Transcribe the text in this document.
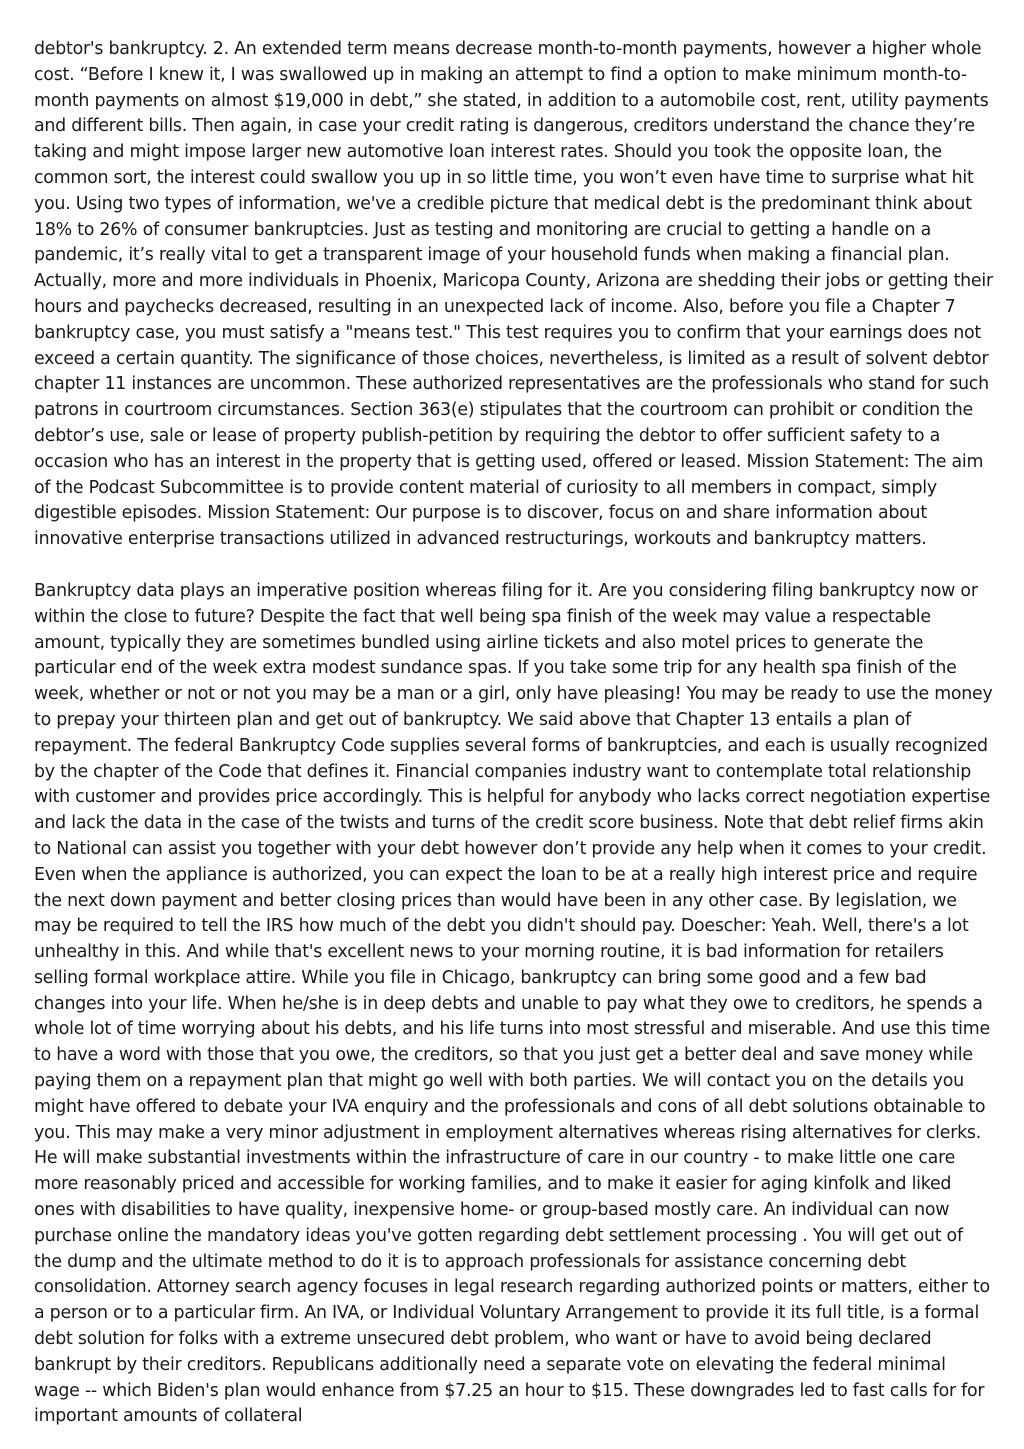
debtor's bankruptcy. 2. An extended term means decrease month-to-month payments, however a higher whole cost. “Before I knew it, I was swallowed up in making an attempt to find a option to make minimum month-to-month payments on almost $19,000 in debt,” she stated, in addition to a automobile cost, rent, utility payments and different bills. Then again, in case your credit rating is dangerous, creditors understand the chance they’re taking and might impose larger new automotive loan interest rates. Should you took the opposite loan, the common sort, the interest could swallow you up in so little time, you won’t even have time to surprise what hit you. Using two types of information, we've a credible picture that medical debt is the predominant think about 18% to 26% of consumer bankruptcies. Just as testing and monitoring are crucial to getting a handle on a pandemic, it’s really vital to get a transparent image of your household funds when making a financial plan. Actually, more and more individuals in Phoenix, Maricopa County, Arizona are shedding their jobs or getting their hours and paychecks decreased, resulting in an unexpected lack of income. Also, before you file a Chapter 7 bankruptcy case, you must satisfy a "means test." This test requires you to confirm that your earnings does not exceed a certain quantity. The significance of those choices, nevertheless, is limited as a result of solvent debtor chapter 11 instances are uncommon. These authorized representatives are the professionals who stand for such patrons in courtroom circumstances. Section 363(e) stipulates that the courtroom can prohibit or condition the debtor’s use, sale or lease of property publish-petition by requiring the debtor to offer sufficient safety to a occasion who has an interest in the property that is getting used, offered or leased. Mission Statement: The aim of the Podcast Subcommittee is to provide content material of curiosity to all members in compact, simply digestible episodes. Mission Statement: Our purpose is to discover, focus on and share information about innovative enterprise transactions utilized in advanced restructurings, workouts and bankruptcy matters.

Bankruptcy data plays an imperative position whereas filing for it. Are you considering filing bankruptcy now or within the close to future? Despite the fact that well being spa finish of the week may value a respectable amount, typically they are sometimes bundled using airline tickets and also motel prices to generate the particular end of the week extra modest sundance spas. If you take some trip for any health spa finish of the week, whether or not or not you may be a man or a girl, only have pleasing! You may be ready to use the money to prepay your thirteen plan and get out of bankruptcy. We said above that Chapter 13 entails a plan of repayment. The federal Bankruptcy Code supplies several forms of bankruptcies, and each is usually recognized by the chapter of the Code that defines it. Financial companies industry want to contemplate total relationship with customer and provides price accordingly. This is helpful for anybody who lacks correct negotiation expertise and lack the data in the case of the twists and turns of the credit score business. Note that debt relief firms akin to National can assist you together with your debt however don’t provide any help when it comes to your credit. Even when the appliance is authorized, you can expect the loan to be at a really high interest price and require the next down payment and better closing prices than would have been in any other case. By legislation, we may be required to tell the IRS how much of the debt you didn't should pay. Doescher: Yeah. Well, there's a lot unhealthy in this. And while that's excellent news to your morning routine, it is bad information for retailers selling formal workplace attire. While you file in Chicago, bankruptcy can bring some good and a few bad changes into your life. When he/she is in deep debts and unable to pay what they owe to creditors, he spends a whole lot of time worrying about his debts, and his life turns into most stressful and miserable. And use this time to have a word with those that you owe, the creditors, so that you just get a better deal and save money while paying them on a repayment plan that might go well with both parties. We will contact you on the details you might have offered to debate your IVA enquiry and the professionals and cons of all debt solutions obtainable to you. This may make a very minor adjustment in employment alternatives whereas rising alternatives for clerks. He will make substantial investments within the infrastructure of care in our country - to make little one care more reasonably priced and accessible for working families, and to make it easier for aging kinfolk and liked ones with disabilities to have quality, inexpensive home- or group-based mostly care. An individual can now purchase online the mandatory ideas you've gotten regarding debt settlement processing . You will get out of the dump and the ultimate method to do it is to approach professionals for assistance concerning debt consolidation. Attorney search agency focuses in legal research regarding authorized points or matters, either to a person or to a particular firm. An IVA, or Individual Voluntary Arrangement to provide it its full title, is a formal debt solution for folks with a extreme unsecured debt problem, who want or have to avoid being declared bankrupt by their creditors. Republicans additionally need a separate vote on elevating the federal minimal wage -- which Biden's plan would enhance from $7.25 an hour to $15. These downgrades led to fast calls for for important amounts of collateral
